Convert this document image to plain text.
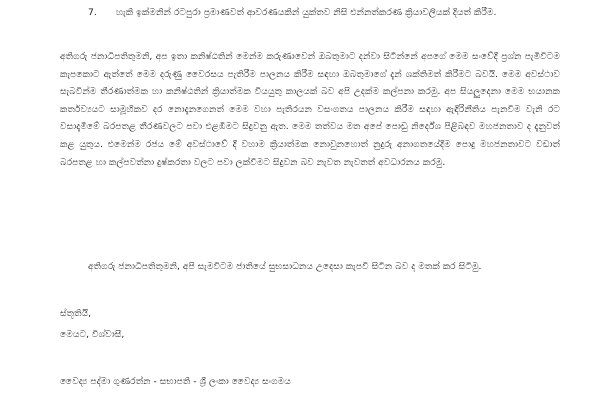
7.	හැකි ඉක්මනින් රටපුරා ප්‍රමාණවත් ආවරණයකින් යුක්තව නිසි එන්නත්කරණ ක්‍රියාවලියක් දියත් කිරීම.

අතිගරු ජනාධිපතිතුමනි, අප ඉතා කනිෂ්ඨතින් මෙන්ම කරුණාවෙන් ඔබතුමාට දන්වා සිටින්නේ අපගේ මෙම සංවේදී ප්‍රශ්න පැමිවිටම කැපකොට ඇත්තේ මෙම දරුණු වෛරසය පැතිරීම පාලනය කිරීම සඳහා ඔබතුමාගේ දැන් ශක්තිමත් කිරීමට බවයි. මෙම අවස්ථාව සැබවින්ම තීරණාත්මක හා කනිෂ්ඨතින් ක්‍රියාත්මක වියයුතු කාලයක් බව අපි උදක්ම කල්පනා කරමු. අප සියලුදෙනා මෙම භයානක කර්තව්‍යයට සාමූහිකව දර නොදැනගෙනත් මෙම වහා පැතිරයන වසංගතය පාලනය කිරීම සඳහා ඇඳිරිනීතිය පැනවීම වැනි රට වසාදැමීමේ බරපතළ තීරණවලට පවා එළඹීමට සිදුවනු ඇත. මෙම තත්වය මත අපේ පොඩු නිර්දේශ පිළිබඳව මහජනතාව ද දැනුවත් කළ යුතුය. එමෙන්ම රජය මේ අවස්ථාවේ දී වහාම ක්‍රියාත්මක නොවුනහොත් නුදුරු අනාගතයේදීම පොදු මහජනතාවට වඩාත් බරපතළ හා කල්පවත්නා දුෂ්කරතා වලට පවා ලක්වීමට සිදුවන බව නැවත නැවතත් අවධාරනය කරමු.

අතිගරු ජනාධිපතිතුමනි, අපි සැමවිටම ජාතියේ සුභසාධනය උදෙසා කැපවී සිටින බව ද මතක් කර සිටිමු.

ස්තූතියි,

මෙයට, විශ්වාසී,

වෛද්‍ය පද්මා ගුණරත්න - සභාපති - ශ්‍රී ලංකා වෛද්‍ය සංගමය
